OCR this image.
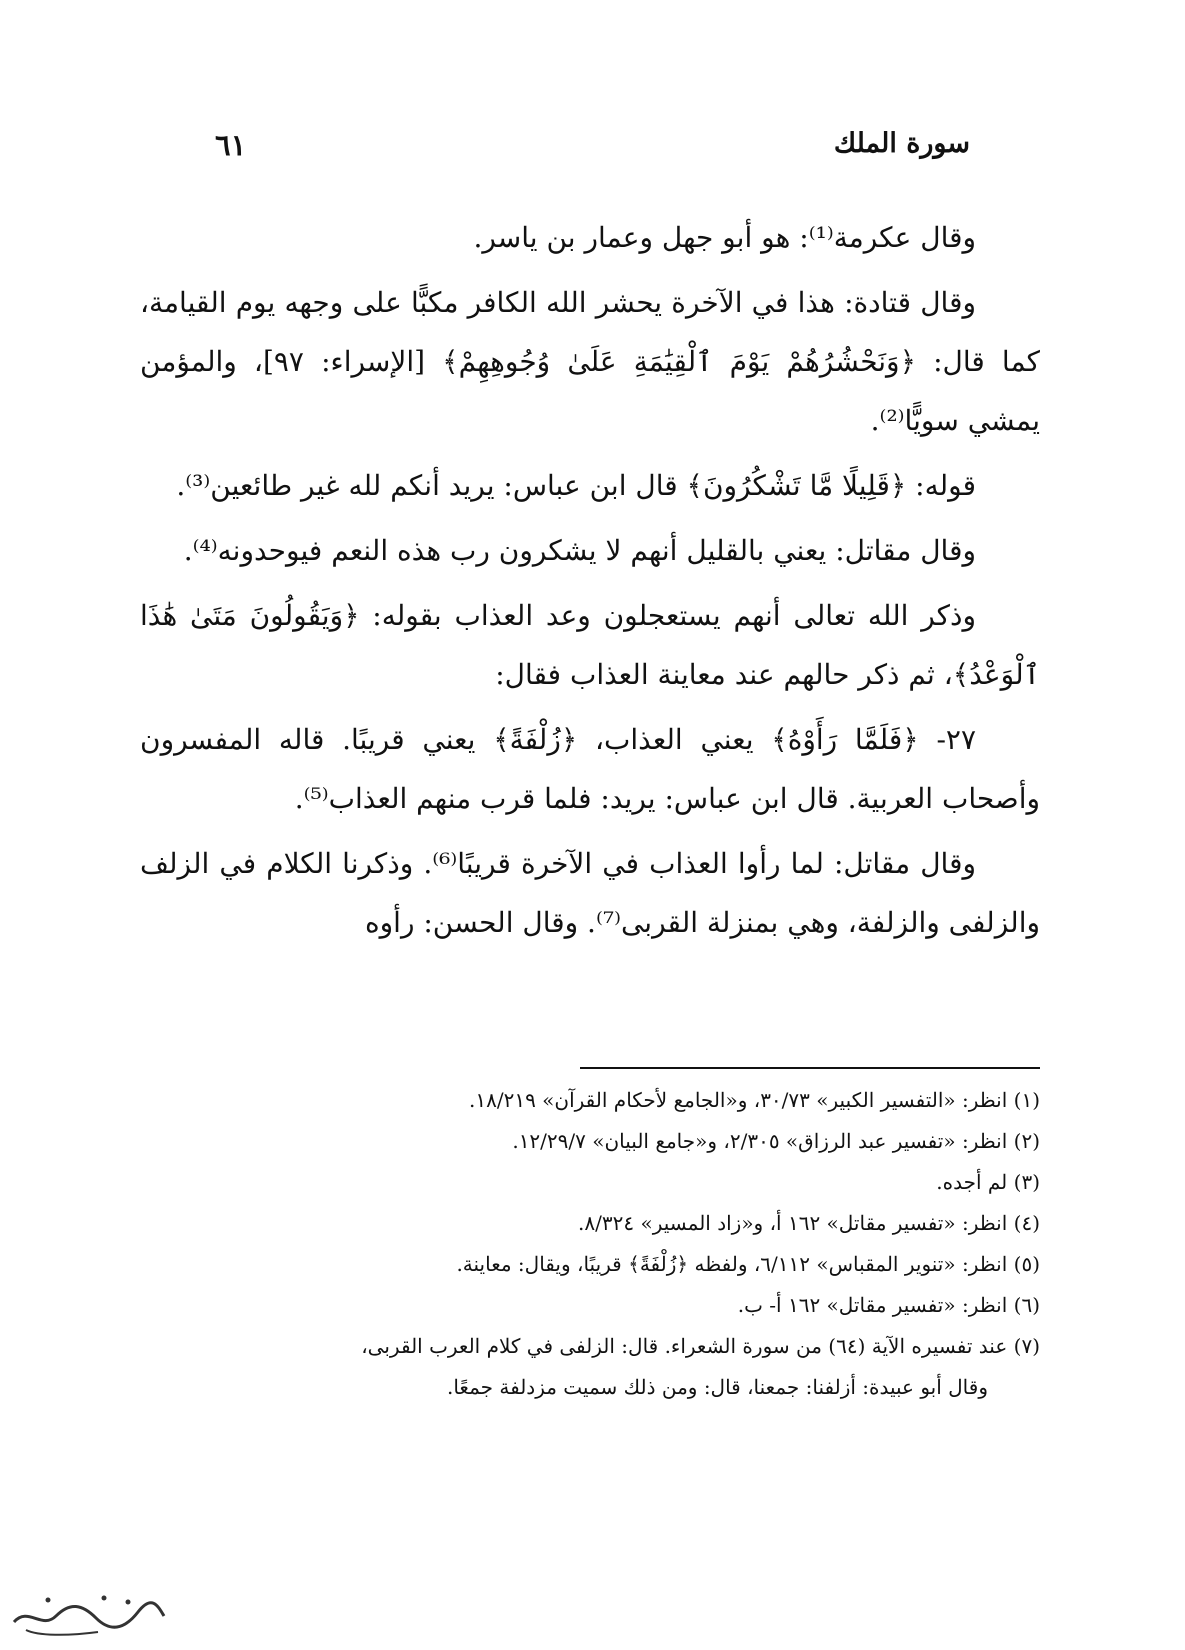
سورة الملك
٦١

وقال عكرمة⁽¹⁾: هو أبو جهل وعمار بن ياسر.

وقال قتادة: هذا في الآخرة يحشر الله الكافر مكبًّا على وجهه يوم القيامة، كما قال: ﴿وَنَحْشُرُهُمْ يَوْمَ ٱلْقِيَٰمَةِ عَلَىٰ وُجُوهِهِمْ﴾ [الإسراء: ٩٧]، والمؤمن يمشي سويًّا⁽²⁾.

قوله: ﴿قَلِيلًا مَّا تَشْكُرُونَ﴾ قال ابن عباس: يريد أنكم لله غير طائعين⁽³⁾.

وقال مقاتل: يعني بالقليل أنهم لا يشكرون رب هذه النعم فيوحدونه⁽⁴⁾.

وذكر الله تعالى أنهم يستعجلون وعد العذاب بقوله: ﴿وَيَقُولُونَ مَتَىٰ هَٰذَا ٱلْوَعْدُ﴾، ثم ذكر حالهم عند معاينة العذاب فقال:

٢٧- ﴿فَلَمَّا رَأَوْهُ﴾ يعني العذاب، ﴿زُلْفَةً﴾ يعني قريبًا. قاله المفسرون وأصحاب العربية. قال ابن عباس: يريد: فلما قرب منهم العذاب⁽⁵⁾.

وقال مقاتل: لما رأوا العذاب في الآخرة قريبًا⁽⁶⁾. وذكرنا الكلام في الزلف والزلفى والزلفة، وهي بمنزلة القربى⁽⁷⁾. وقال الحسن: رأوه

(١) انظر: «التفسير الكبير» ٣٠/٧٣، و«الجامع لأحكام القرآن» ١٨/٢١٩.

(٢) انظر: «تفسير عبد الرزاق» ٢/٣٠٥، و«جامع البيان» ١٢/٢٩/٧.

(٣) لم أجده.

(٤) انظر: «تفسير مقاتل» ١٦٢ أ، و«زاد المسير» ٨/٣٢٤.

(٥) انظر: «تنوير المقباس» ٦/١١٢، ولفظه ﴿زُلْفَةً﴾ قريبًا، ويقال: معاينة.

(٦) انظر: «تفسير مقاتل» ١٦٢ أ- ب.

(٧) عند تفسيره الآية (٦٤) من سورة الشعراء. قال: الزلفى في كلام العرب القربى،

وقال أبو عبيدة: أزلفنا: جمعنا، قال: ومن ذلك سميت مزدلفة جمعًا.
